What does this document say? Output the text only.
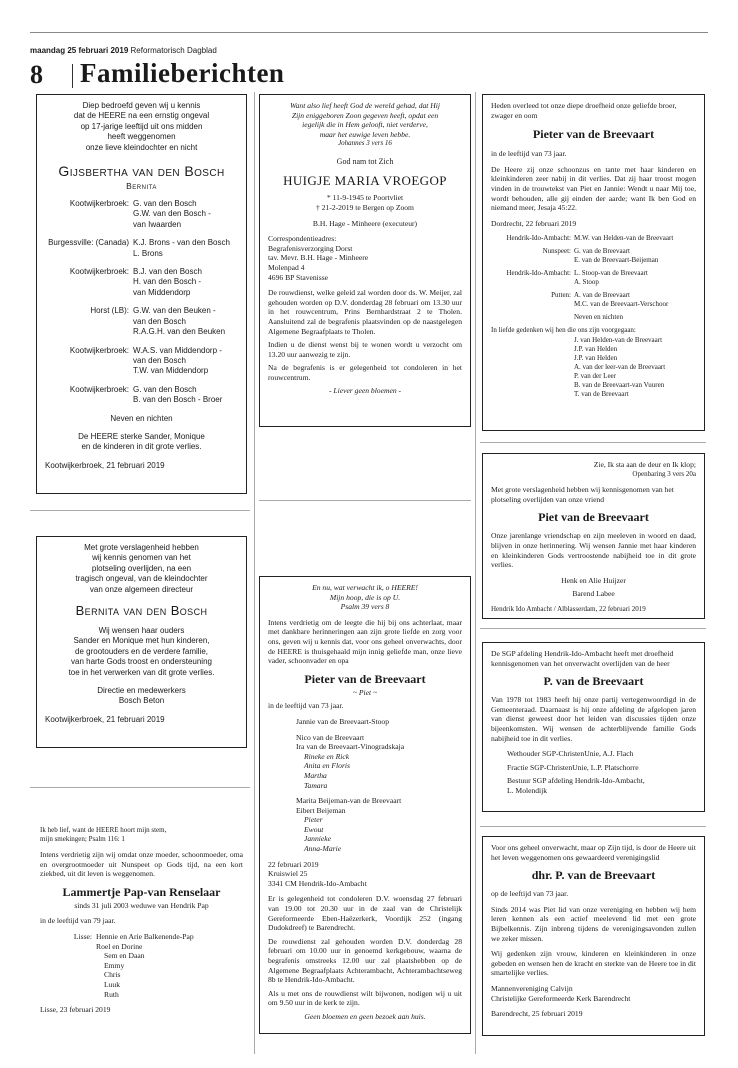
maandag 25 februari 2019 Reformatorisch Dagblad
8 Familieberichten

Diep bedroefd geven wij u kennis

dat de HEERE na een ernstig ongeval

op 17-jarige leeftijd uit ons midden

heeft weggenomen

onze lieve kleindochter en nicht

Gijsbertha van den Bosch
Bernita
Kootwijkerbroek: G. van den Bosch
G.W. van den Bosch -
van Iwaarden
Burgessville: (Canada) K.J. Brons - van den Bosch
L. Brons
Kootwijkerbroek: B.J. van den Bosch
H. van den Bosch -
van Middendorp
Horst (LB): G.W. van den Beuken -
van den Bosch
R.A.G.H. van den Beuken
Kootwijkerbroek: W.A.S. van Middendorp -
van den Bosch
T.W. van Middendorp
Kootwijkerbroek: G. van den Bosch
B. van den Bosch - Broer
Neven en nichten

De HEERE sterke Sander, Monique

en de kinderen in dit grote verlies.

Kootwijkerbroek, 21 februari 2019

Want also lief heeft God de wereld gehad, dat Hij

Zijn eniggeboren Zoon gegeven heeft, opdat een

iegelijk die in Hem gelooft, niet verderve,

maar het euwige leven hebbe.

Johannes 3 vers 16

God nam tot Zich
HUIGJE MARIA VROEGOP

* 11-9-1945 te Poortvliet

† 21-2-2019 te Bergen op Zoom

B.H. Hage - Minheere (executeur)

Correspondentieadres:

Begrafenisverzorging Dorst

tav. Mevr. B.H. Hage - Minheere

Molenpad 4

4696 BP Stavenisse

De rouwdienst, welke geleid zal worden door ds. W. Meijer, zal gehouden worden op D.V. donderdag 28 februari om 13.30 uur in het rouwcentrum, Prins Bernhardstraat 2 te Tholen. Aansluitend zal de begrafenis plaatsvinden op de naastgelegen Algemene Begraafplaats te Tholen.

Indien u de dienst wenst bij te wonen wordt u verzocht om 13.20 uur aanwezig te zijn.

Na de begrafenis is er gelegenheid tot condoleren in het rouwcentrum.

- Liever geen bloemen -

Heden overleed tot onze diepe droefheid onze geliefde broer, zwager en oom

Pieter van de Breevaart
in de leeftijd van 73 jaar.

De Heere zij onze schoonzus en tante met haar kinderen en kleinkinderen zeer nabij in dit verlies. Dat zij haar troost mogen vinden in de trouwtekst van Piet en Jannie: Wendt u naar Mij toe, wordt behouden, alle gij einden der aarde; want Ik ben God en niemand meer, Jesaja 45:22.

Dordrecht, 22 februari 2019
Hendrik-Ido-Ambacht: M.W. van Helden-van de Breevaart
Nunspeet: G. van de Breevaart
E. van de Breevaart-Beijeman
Hendrik-Ido-Ambacht: L. Stoop-van de Breevaart
A. Stoop
Putten: A. van de Breevaart
M.C. van de Breevaart-Verschoor
Neven en nichten
In liefde gedenken wij hen die ons zijn voorgegaan:
J. van Helden-van de Breevaart
J.P. van Helden
J.P. van Helden
A. van der leer-van de Breevaart
P. van der Leer
B. van de Breevaart-van Vuuren
T. van de Breevaart

Zie, Ik sta aan de deur en Ik klop;

Openbaring 3 vers 20a

Met grote verslagenheid hebben wij kennisgenomen van het plotseling overlijden van onze vriend

Piet van de Breevaart

Onze jarenlange vriendschap en zijn meeleven in woord en daad, blijven in onze herinnering. Wij wensen Jannie met haar kinderen en kleinkinderen Gods vertroostende nabijheid toe in dit grote verlies.

Henk en Alie Huijzer

Barend Labee

Hendrik Ido Ambacht / Alblasserdam, 22 februari 2019

Met grote verslagenheid hebben

wij kennis genomen van het

plotseling overlijden, na een

tragisch ongeval, van de kleindochter

van onze algemeen directeur

Bernita van den Bosch

Wij wensen haar ouders

Sander en Monique met hun kinderen,

de grootouders en de verdere familie,

van harte Gods troost en ondersteuning

toe in het verwerken van dit grote verlies.

Directie en medewerkers

Bosch Beton

Kootwijkerbroek, 21 februari 2019

En nu, wat verwacht ik, o HEERE!

Mijn hoop, die is op U.

Psalm 39 vers 8

Intens verdrietig om de leegte die hij bij ons achterlaat, maar met dankbare herinneringen aan zijn grote liefde en zorg voor ons, geven wij u kennis dat, voor ons geheel onverwachts, door de HEERE is thuisgehaald mijn innig geliefde man, onze lieve vader, schoonvader en opa

Pieter van de Breevaart
~ Piet ~
in de leeftijd van 73 jaar.
Jannie van de Breevaart-Stoop
Nico van de Breevaart
Ira van de Breevaart-Vinogradskaja
Rineke en Rick
Anita en Floris
Martha
Tamara
Marita Beijeman-van de Breevaart
Eibert Beijeman
Pieter
Ewout
Jannieke
Anna-Marie

22 februari 2019

Kruiswiel 25

3341 CM Hendrik-Ido-Ambacht

Er is gelegenheid tot condoleren D.V. woensdag 27 februari van 19.00 tot 20.30 uur in de zaal van de Christelijk Gereformeerde Eben-Haëzerkerk, Voordijk 252 (ingang Dudokdreef) te Barendrecht.

De rouwdienst zal gehouden worden D.V. donderdag 28 februari om 10.00 uur in genoemd kerkgebouw, waarna de begrafenis omstreeks 12.00 uur zal plaatshebben op de Algemene Begraafplaats Achterambacht, Achterambachtseweg 8b te Hendrik-Ido-Ambacht.

Als u met ons de rouwdienst wilt bijwonen, nodigen wij u uit om 9.50 uur in de kerk te zijn.

Geen bloemen en geen bezoek aan huis.

De SGP afdeling Hendrik-Ido-Ambacht heeft met droefheid kennisgenomen van het onverwacht overlijden van de heer

P. van de Breevaart

Van 1978 tot 1983 heeft hij onze partij vertegenwoordigd in de Gemeenteraad. Daarnaast is hij onze afdeling de afgelopen jaren van dienst geweest door het leiden van discussies tijden onze bijeenkomsten. Wij wensen de achterblijvende familie Gods nabijheid toe in dit verlies.

Wethouder SGP-ChristenUnie, A.J. Flach

Fractie SGP-ChristenUnie, L.P. Platschorre

Bestuur SGP afdeling Hendrik-Ido-Ambacht,

L. Molendijk

Ik heb lief, want de HEERE hoort mijn stem,

mijn smekingen; Psalm 116: 1

Intens verdrietig zijn wij omdat onze moeder, schoonmoeder, oma en overgrootmoeder uit Nunspeet op Gods tijd, na een kort ziekbed, uit dit leven is weggenomen.

Lammertje Pap-van Renselaar
sinds 31 juli 2003 weduwe van Hendrik Pap
in de leeftijd van 79 jaar.
Lisse: Hennie en Arie Balkenende-Pap
Roel en Dorine
Sem en Daan
Emmy
Chris
Luuk
Ruth
Lisse, 23 februari 2019

Voor ons geheel onverwacht, maar op Zijn tijd, is door de Heere uit het leven weggenomen ons gewaardeerd verenigingslid

dhr. P. van de Breevaart
op de leeftijd van 73 jaar.

Sinds 2014 was Piet lid van onze vereniging en hebben wij hem leren kennen als een actief meelevend lid met een grote Bijbelkennis. Zijn inbreng tijdens de verenigingsavonden zullen we zeker missen.

Wij gedenken zijn vrouw, kinderen en kleinkinderen in onze gebeden en wensen hen de kracht en sterkte van de Heere toe in dit smartelijke verlies.

Mannenvereniging Calvijn

Christelijke Gereformeerde Kerk Barendrecht

Barendrecht, 25 februari 2019
